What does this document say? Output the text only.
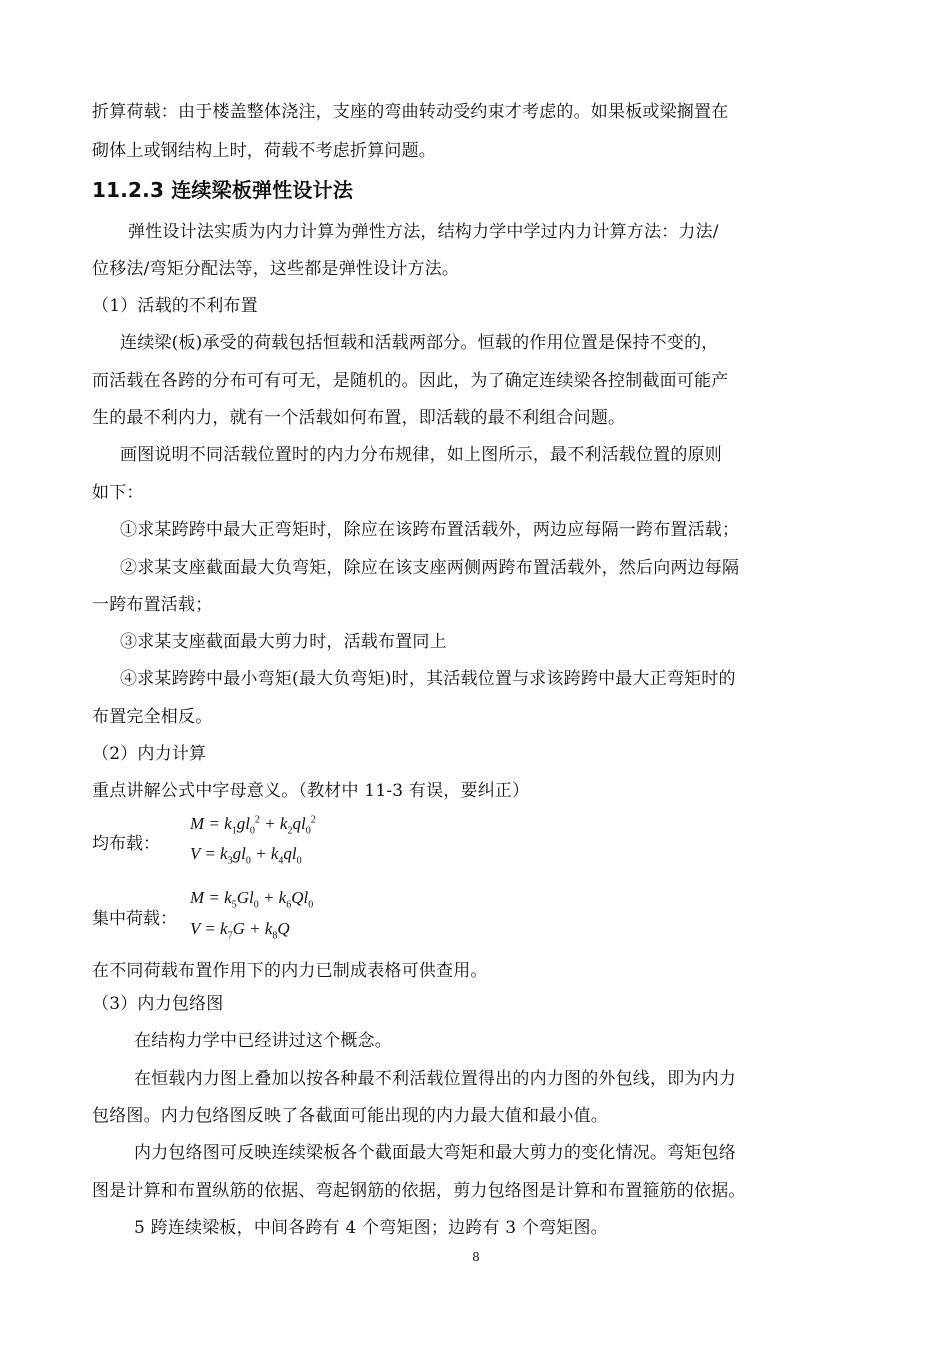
折算荷载：由于楼盖整体浇注，支座的弯曲转动受约束才考虑的。如果板或梁搁置在
砌体上或钢结构上时，荷载不考虑折算问题。
11.2.3 连续梁板弹性设计法
弹性设计法实质为内力计算为弹性方法，结构力学中学过内力计算方法：力法/
位移法/弯矩分配法等，这些都是弹性设计方法。
（1）活载的不利布置
连续梁(板)承受的荷载包括恒载和活载两部分。恒载的作用位置是保持不变的，
而活载在各跨的分布可有可无，是随机的。因此，为了确定连续梁各控制截面可能产
生的最不利内力，就有一个活载如何布置，即活载的最不利组合问题。
画图说明不同活载位置时的内力分布规律，如上图所示，最不利活载位置的原则
如下：
①求某跨跨中最大正弯矩时，除应在该跨布置活载外，两边应每隔一跨布置活载；
②求某支座截面最大负弯矩，除应在该支座两侧两跨布置活载外，然后向两边每隔
一跨布置活载；
③求某支座截面最大剪力时，活载布置同上
④求某跨跨中最小弯矩(最大负弯矩)时，其活载位置与求该跨跨中最大正弯矩时的
布置完全相反。
（2）内力计算
重点讲解公式中字母意义。（教材中 11-3 有误，要纠正）
均布载：
$M = k_1gl_0^2 + k_2ql_0^2$
$V = k_3gl_0 + k_4ql_0$
集中荷载：
$M = k_5Gl_0 + k_6Ql_0$
$V = k_7G + k_8Q$
在不同荷载布置作用下的内力已制成表格可供查用。
（3）内力包络图
在结构力学中已经讲过这个概念。
在恒载内力图上叠加以按各种最不利活载位置得出的内力图的外包线，即为内力
包络图。内力包络图反映了各截面可能出现的内力最大值和最小值。
内力包络图可反映连续梁板各个截面最大弯矩和最大剪力的变化情况。弯矩包络
图是计算和布置纵筋的依据、弯起钢筋的依据，剪力包络图是计算和布置箍筋的依据。
5 跨连续梁板，中间各跨有 4 个弯矩图；边跨有 3 个弯矩图。
8
